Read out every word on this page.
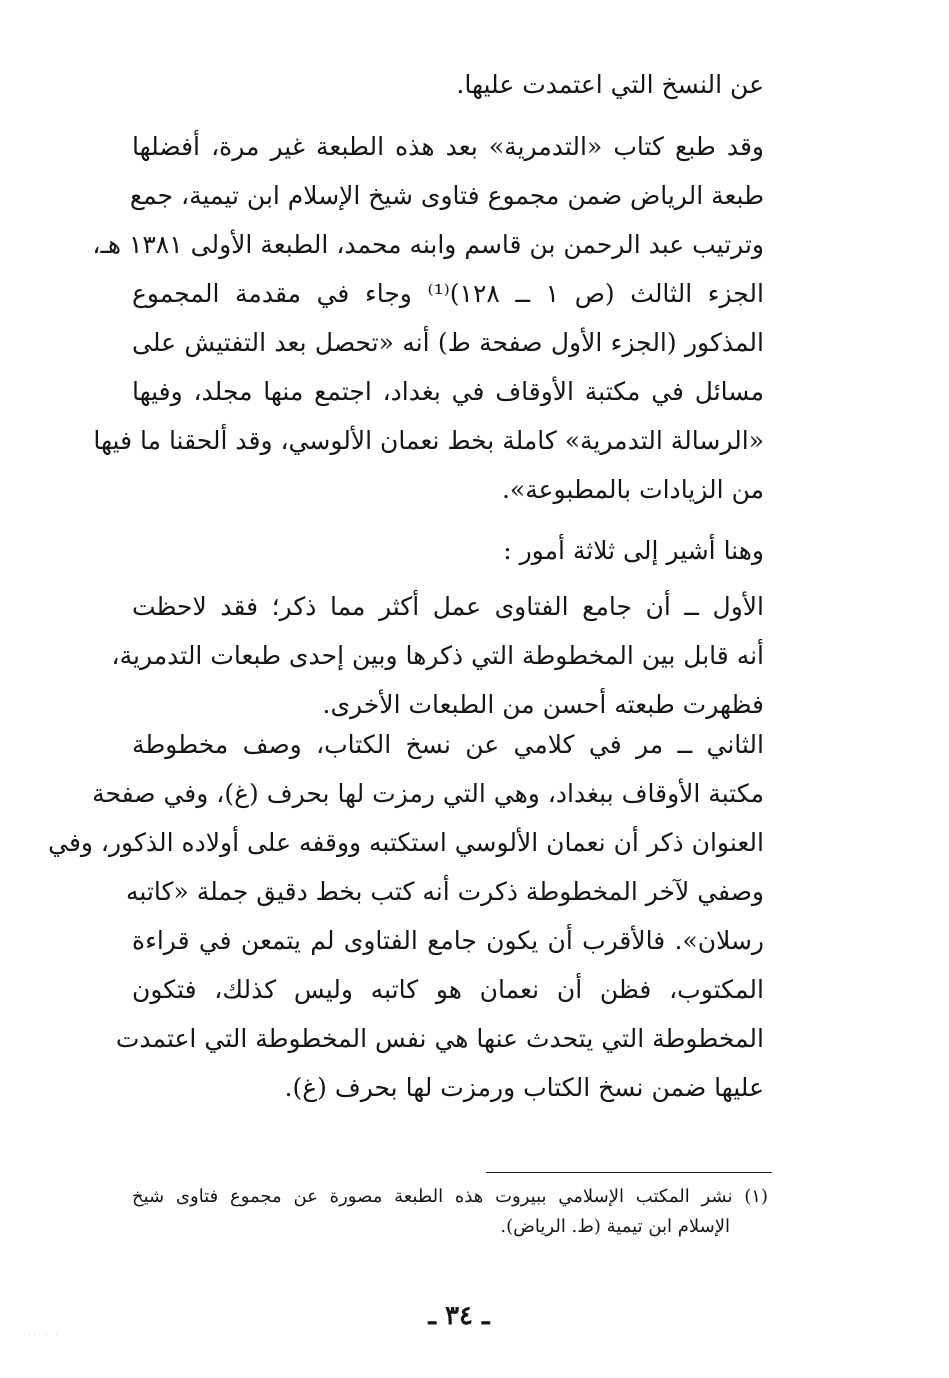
عن النسخ التي اعتمدت عليها.
وقد طبع كتاب «التدمرية» بعد هذه الطبعة غير مرة، أفضلها
طبعة الرياض ضمن مجموع فتاوى شيخ الإسلام ابن تيمية، جمع
وترتيب عبد الرحمن بن قاسم وابنه محمد، الطبعة الأولى ١٣٨١ هـ،
الجزء الثالث (ص ١ ــ ١٢٨)⁽¹⁾ وجاء في مقدمة المجموع
المذكور (الجزء الأول صفحة ط) أنه «تحصل بعد التفتيش على
مسائل في مكتبة الأوقاف في بغداد، اجتمع منها مجلد، وفيها
«الرسالة التدمرية» كاملة بخط نعمان الألوسي، وقد ألحقنا ما فيها
من الزيادات بالمطبوعة».
وهنا أشير إلى ثلاثة أمور :
الأول ــ أن جامع الفتاوى عمل أكثر مما ذكر؛ فقد لاحظت
أنه قابل بين المخطوطة التي ذكرها وبين إحدى طبعات التدمرية،
فظهرت طبعته أحسن من الطبعات الأخرى.
الثاني ــ مر في كلامي عن نسخ الكتاب، وصف مخطوطة
مكتبة الأوقاف ببغداد، وهي التي رمزت لها بحرف (غ)، وفي صفحة
العنوان ذكر أن نعمان الألوسي استكتبه ووقفه على أولاده الذكور، وفي
وصفي لآخر المخطوطة ذكرت أنه كتب بخط دقيق جملة «كاتبه
رسلان». فالأقرب أن يكون جامع الفتاوى لم يتمعن في قراءة
المكتوب، فظن أن نعمان هو كاتبه وليس كذلك، فتكون
المخطوطة التي يتحدث عنها هي نفس المخطوطة التي اعتمدت
عليها ضمن نسخ الكتاب ورمزت لها بحرف (غ).
(١) نشر المكتب الإسلامي ببيروت هذه الطبعة مصورة عن مجموع فتاوى شيخ
الإسلام ابن تيمية (ط. الرياض).
ـ ٣٤ ـ
·· · ·
